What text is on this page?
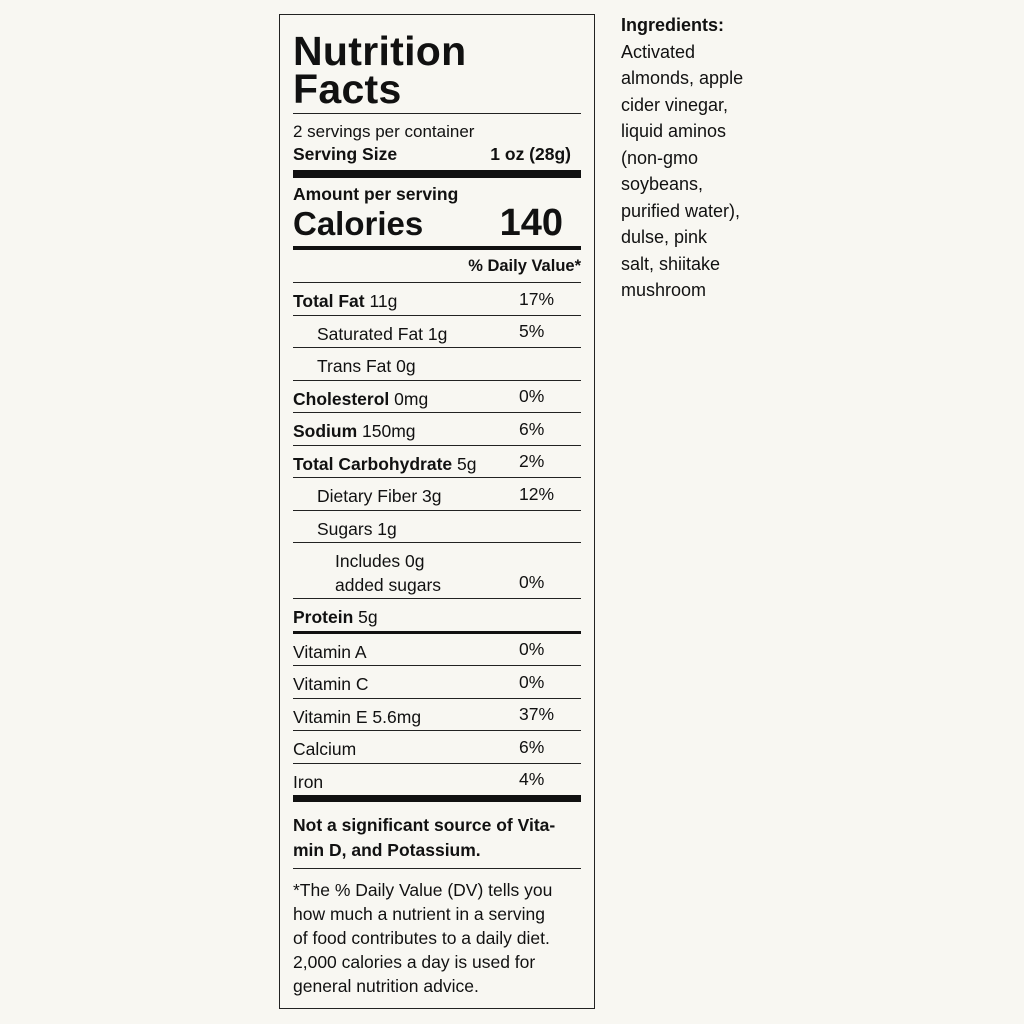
Nutrition
Facts
2 servings per container
Serving Size	1 oz (28g)
Amount per serving
Calories 140
% Daily Value*
Total Fat 11g	17%
Saturated Fat 1g	5%
Trans Fat 0g
Cholesterol 0mg	0%
Sodium 150mg	6%
Total Carbohydrate 5g 2%
Dietary Fiber 3g	12%
Sugars 1g
Includes 0g
added sugars	0%
Protein 5g
Vitamin A	0%
Vitamin C	0%
Vitamin E 5.6mg	37%
Calcium	6%
Iron	4%
Not a significant source of Vita-
min D, and Potassium.
*The % Daily Value (DV) tells you
how much a nutrient in a serving
of food contributes to a daily diet.
2,000 calories a day is used for
general nutrition advice.
Ingredients:
Activated
almonds, apple
cider vinegar,
liquid aminos
(non-gmo
soybeans,
purified water),
dulse, pink
salt, shiitake
mushroom
